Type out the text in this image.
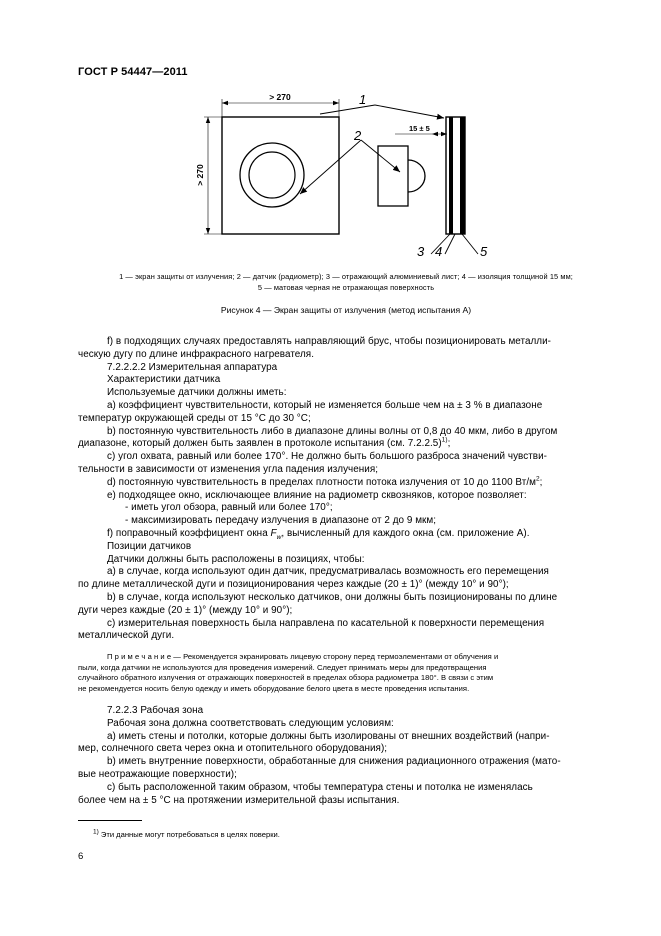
ГОСТ Р 54447—2011
> 270
> 270
15 ± 5
1
2
3 4	5
1 — экран защиты от излучения; 2 — датчик (радиометр); 3 — отражающий алюминиевый лист; 4 — изоляция толщиной 15 мм;
5 — матовая черная не отражающая поверхность
Рисунок 4 — Экран защиты от излучения (метод испытания А)

f) в подходящих случаях предоставлять направляющий брус, чтобы позиционировать металли-

ческую дугу по длине инфракрасного нагревателя.

7.2.2.2.2 Измерительная аппаратура

Характеристики датчика

Используемые датчики должны иметь:

a) коэффициент чувствительности, который не изменяется больше чем на ± 3 % в диапазоне

температур окружающей среды от 15 °C до 30 °C;

b) постоянную чувствительность либо в диапазоне длины волны от 0,8 до 40 мкм, либо в другом

диапазоне, который должен быть заявлен в протоколе испытания (см. 7.2.2.5)$^{1)}$;

c) угол охвата, равный или более 170°. Не должно быть большого разброса значений чувстви-

тельности в зависимости от изменения угла падения излучения;

d) постоянную чувствительность в пределах плотности потока излучения от 10 до 1100 $Вт/м^2$;

e) подходящее окно, исключающее влияние на радиометр сквозняков, которое позволяет:

- иметь угол обзора, равный или более 170°;

- максимизировать передачу излучения в диапазоне от 2 до 9 мкм;

f) поправочный коэффициент окна $F_w$, вычисленный для каждого окна (см. приложение А).

Позиции датчиков

Датчики должны быть расположены в позициях, чтобы:

a) в случае, когда используют один датчик, предусматривалась возможность его перемещения

по длине металлической дуги и позиционирования через каждые (20 ± 1)° (между 10° и 90°);

b) в случае, когда используют несколько датчиков, они должны быть позиционированы по длине

дуги через каждые (20 ± 1)° (между 10° и 90°);

c) измерительная поверхность была направлена по касательной к поверхности перемещения

металлической дуги.

П р и м е ч а н и е — Рекомендуется экранировать лицевую сторону перед термоэлементами от облучения и
пыли, когда датчики не используются для проведения измерений. Следует принимать меры для предотвращения
случайного обратного излучения от отражающих поверхностей в пределах обзора радиометра 180°. В связи с этим
не рекомендуется носить белую одежду и иметь оборудование белого цвета в месте проведения испытания.

7.2.2.3 Рабочая зона

Рабочая зона должна соответствовать следующим условиям:

a) иметь стены и потолки, которые должны быть изолированы от внешних воздействий (напри-

мер, солнечного света через окна и отопительного оборудования);

b) иметь внутренние поверхности, обработанные для снижения радиационного отражения (мато-

вые неотражающие поверхности);

c) быть расположенной таким образом, чтобы температура стены и потолка не изменялась

более чем на ± 5 °C на протяжении измерительной фазы испытания.

$^{1)}$ Эти данные могут потребоваться в целях поверки.
6
